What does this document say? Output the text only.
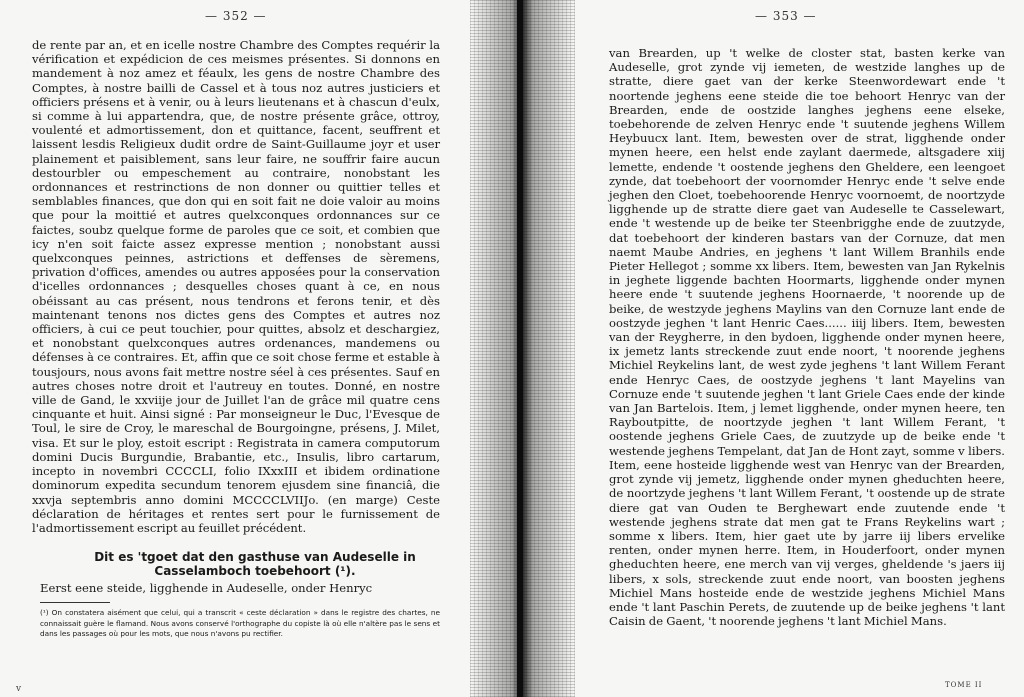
— 352 —

de rente par an, et en icelle nostre Chambre des Comptes requérir la vérification et expédicion de ces meismes présentes. Si donnons en mandement à noz amez et féaulx, les gens de nostre Chambre des Comptes, à nostre bailli de Cassel et à tous noz autres justiciers et officiers présens et à venir, ou à leurs lieutenans et à chascun d'eulx, si comme à lui appartendra, que, de nostre présente grâce, ottroy, voulenté et admortissement, don et quittance, facent, seuffrent et laissent lesdis Religieux dudit ordre de Saint-Guillaume joyr et user plainement et paisiblement, sans leur faire, ne souffrir faire aucun destourbler ou empeschement au contraire, nonobstant les ordonnances et restrinctions de non donner ou quittier telles et semblables finances, que don qui en soit fait ne doie valoir au moins que pour la moittié et autres quelxconques ordonnances sur ce faictes, soubz quelque forme de paroles que ce soit, et combien que icy n'en soit faicte assez expresse mention ; nonobstant aussi quelxconques peinnes, astrictions et deffenses de sèremens, privation d'offices, amendes ou autres apposées pour la conservation d'icelles ordonnances ; desquelles choses quant à ce, en nous obéissant au cas présent, nous tendrons et ferons tenir, et dès maintenant tenons nos dictes gens des Comptes et autres noz officiers, à cui ce peut touchier, pour quittes, absolz et deschargiez, et nonobstant quelxconques autres ordenances, mandemens ou défenses à ce contraires. Et, affin que ce soit chose ferme et estable à tousjours, nous avons fait mettre nostre séel à ces présentes. Sauf en autres choses notre droit et l'autreuy en toutes. Donné, en nostre ville de Gand, le xxviije jour de Juillet l'an de grâce mil quatre cens cinquante et huit. Ainsi signé : Par monseigneur le Duc, l'Evesque de Toul, le sire de Croy, le mareschal de Bourgoingne, présens, J. Milet, visa. Et sur le ploy, estoit escript : Registrata in camera computorum domini Ducis Burgundie, Brabantie, etc., Insulis, libro cartarum, incepto in novembri CCCCLI, folio IXxxIII et ibidem ordinatione dominorum expedita secundum tenorem ejusdem sine financiâ, die xxvja septembris anno domini MCCCCLVIIJo. (en marge) Ceste déclaration de héritages et rentes sert pour le furnissement de l'admortissement escript au feuillet précédent.

Dit es 'tgoet dat den gasthuse van Audeselle in Casselamboch toebehoort (¹).
Eerst eene steide, ligghende in Audeselle, onder Henryc
(¹) On constatera aisément que celui, qui a transcrit « ceste déclaration » dans le registre des chartes, ne connaissait guère le flamand. Nous avons conservé l'orthographe du copiste là où elle n'altère pas le sens et dans les passages où pour les mots, que nous n'avons pu rectifier.
v
— 353 —

van Brearden, up 't welke de closter stat, basten kerke van Audeselle, grot zynde vij iemeten, de westzide langhes up de stratte, diere gaet van der kerke Steenwordewart ende 't noortende jeghens eene steide die toe behoort Henryc van der Brearden, ende de oostzide langhes jeghens eene elseke, toebehorende de zelven Henryc ende 't suutende jeghens Willem Heybuucx lant. Item, bewesten over de strat, ligghende onder mynen heere, een helst ende zaylant daermede, altsgadere xiij lemette, endende 't oostende jeghens den Gheldere, een leengoet zynde, dat toebehoort der voornomder Henryc ende 't selve ende jeghen den Cloet, toebehoorende Henryc voornoemt, de noortzyde ligghende up de stratte diere gaet van Audeselle te Casselewart, ende 't westende up de beike ter Steenbrigghe ende de zuutzyde, dat toebehoort der kinderen bastars van der Cornuze, dat men naemt Maube Andries, en jeghens 't lant Willem Branhils ende Pieter Hellegot ; somme xx libers. Item, bewesten van Jan Rykelnis in jeghete liggende bachten Hoormarts, ligghende onder mynen heere ende 't suutende jeghens Hoornaerde, 't noorende up de beike, de westzyde jeghens Maylins van den Cornuze lant ende de oostzyde jeghen 't lant Henric Caes...... iiij libers. Item, bewesten van der Reygherre, in den bydoen, ligghende onder mynen heere, ix jemetz lants streckende zuut ende noort, 't noorende jeghens Michiel Reykelins lant, de west zyde jeghens 't lant Willem Ferant ende Henryc Caes, de oostzyde jeghens 't lant Mayelins van Cornuze ende 't suutende jeghen 't lant Griele Caes ende der kinde van Jan Bartelois. Item, j lemet ligghende, onder mynen heere, ten Rayboutpitte, de noortzyde jeghen 't lant Willem Ferant, 't oostende jeghens Griele Caes, de zuutzyde up de beike ende 't westende jeghens Tempelant, dat Jan de Hont zayt, somme v libers. Item, eene hosteide ligghende west van Henryc van der Brearden, grot zynde vij jemetz, ligghende onder mynen gheduchten heere, de noortzyde jeghens 't lant Willem Ferant, 't oostende up de strate diere gat van Ouden te Berghewart ende zuutende ende 't westende jeghens strate dat men gat te Frans Reykelins wart ; somme x libers. Item, hier gaet ute by jarre iij libers ervelike renten, onder mynen herre. Item, in Houderfoort, onder mynen gheduchten heere, ene merch van vij verges, gheldende 's jaers iij libers, x sols, streckende zuut ende noort, van boosten jeghens Michiel Mans hosteide ende de westzide jeghens Michiel Mans ende 't lant Paschin Perets, de zuutende up de beike jeghens 't lant Caisin de Gaent, 't noorende jeghens 't lant Michiel Mans.

TOME II
